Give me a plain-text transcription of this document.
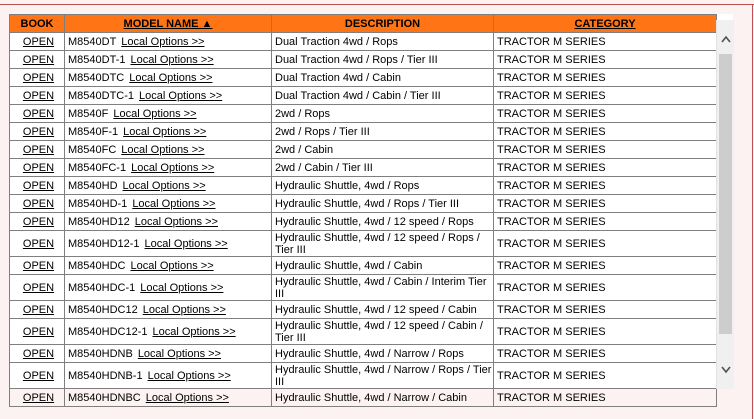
BOOK	MODEL NAME ▲	DESCRIPTION	CATEGORY
OPEN	M8540DT Local Options >>	Dual Traction 4wd / Rops	TRACTOR M SERIES
OPEN	M8540DT-1 Local Options >>	Dual Traction 4wd / Rops / Tier III	TRACTOR M SERIES
OPEN	M8540DTC Local Options >>	Dual Traction 4wd / Cabin	TRACTOR M SERIES
OPEN	M8540DTC-1 Local Options >>	Dual Traction 4wd / Cabin / Tier III	TRACTOR M SERIES
OPEN	M8540F Local Options >>	2wd / Rops	TRACTOR M SERIES
OPEN	M8540F-1 Local Options >>	2wd / Rops / Tier III	TRACTOR M SERIES
OPEN	M8540FC Local Options >>	2wd / Cabin	TRACTOR M SERIES
OPEN	M8540FC-1 Local Options >>	2wd / Cabin / Tier III	TRACTOR M SERIES
OPEN	M8540HD Local Options >>	Hydraulic Shuttle, 4wd / Rops	TRACTOR M SERIES
OPEN	M8540HD-1 Local Options >>	Hydraulic Shuttle, 4wd / Rops / Tier III	TRACTOR M SERIES
OPEN	M8540HD12 Local Options >>	Hydraulic Shuttle, 4wd / 12 speed / Rops	TRACTOR M SERIES
OPEN	M8540HD12-1 Local Options >>	Hydraulic Shuttle, 4wd / 12 speed / Rops / Tier III	TRACTOR M SERIES
OPEN	M8540HDC Local Options >>	Hydraulic Shuttle, 4wd / Cabin	TRACTOR M SERIES
OPEN	M8540HDC-1 Local Options >>	Hydraulic Shuttle, 4wd / Cabin / Interim Tier III	TRACTOR M SERIES
OPEN	M8540HDC12 Local Options >>	Hydraulic Shuttle, 4wd / 12 speed / Cabin	TRACTOR M SERIES
OPEN	M8540HDC12-1 Local Options >>	Hydraulic Shuttle, 4wd / 12 speed / Cabin / Tier III	TRACTOR M SERIES
OPEN	M8540HDNB Local Options >>	Hydraulic Shuttle, 4wd / Narrow / Rops	TRACTOR M SERIES
OPEN	M8540HDNB-1 Local Options >>	Hydraulic Shuttle, 4wd / Narrow / Rops / Tier III	TRACTOR M SERIES
OPEN	M8540HDNBC Local Options >>	Hydraulic Shuttle, 4wd / Narrow / Cabin	TRACTOR M SERIES
